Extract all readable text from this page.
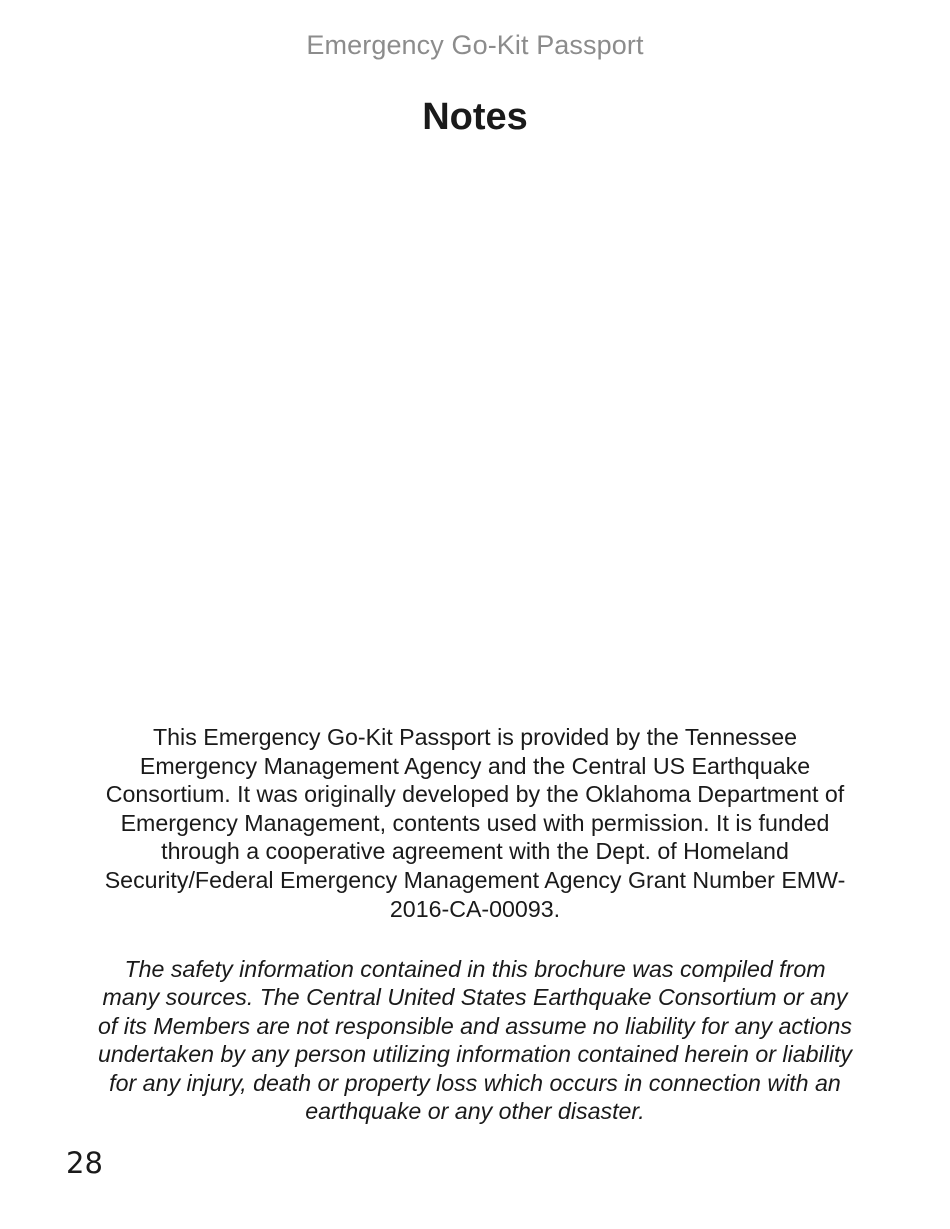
Emergency Go-Kit Passport
Notes

This Emergency Go-Kit Passport is provided by the Tennessee
Emergency Management Agency and the Central US Earthquake
Consortium. It was originally developed by the Oklahoma Department of
Emergency Management, contents used with permission. It is funded
through a cooperative agreement with the Dept. of Homeland
Security/Federal Emergency Management Agency Grant Number EMW-
2016-CA-00093.

The safety information contained in this brochure was compiled from
many sources. The Central United States Earthquake Consortium or any
of its Members are not responsible and assume no liability for any actions
undertaken by any person utilizing information contained herein or liability
for any injury, death or property loss which occurs in connection with an
earthquake or any other disaster.

28
